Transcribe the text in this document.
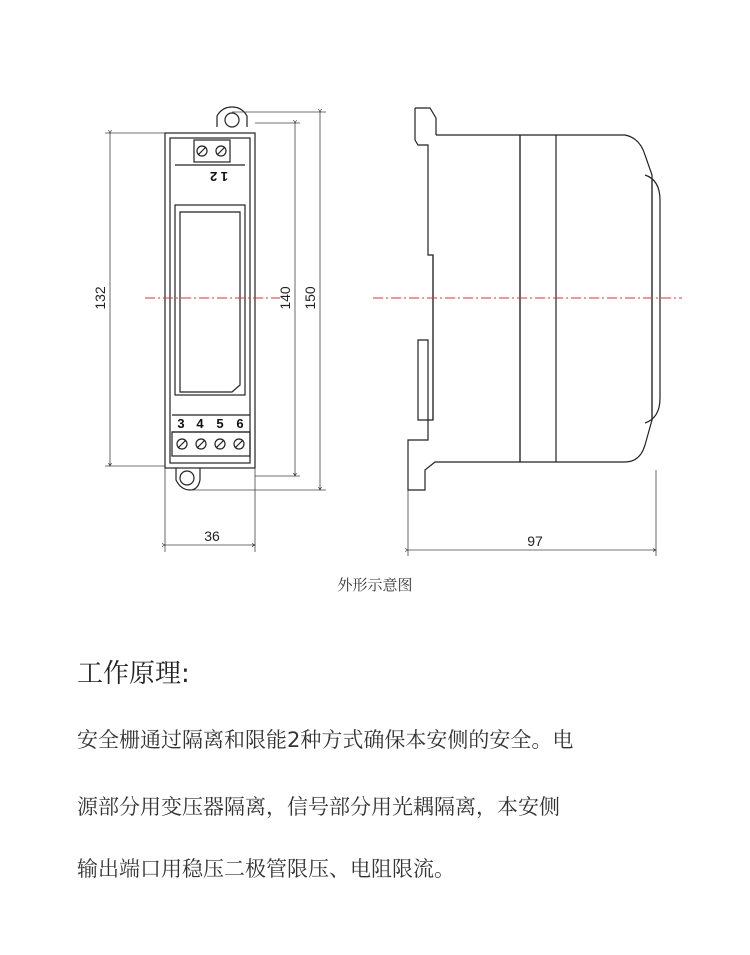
1 2
3 4 5 6
132	140 150
36	97
外形示意图
工作原理:

安全栅通过隔离和限能2种方式确保本安侧的安全。电

源部分用变压器隔离，信号部分用光耦隔离，本安侧

输出端口用稳压二极管限压、电阻限流。
